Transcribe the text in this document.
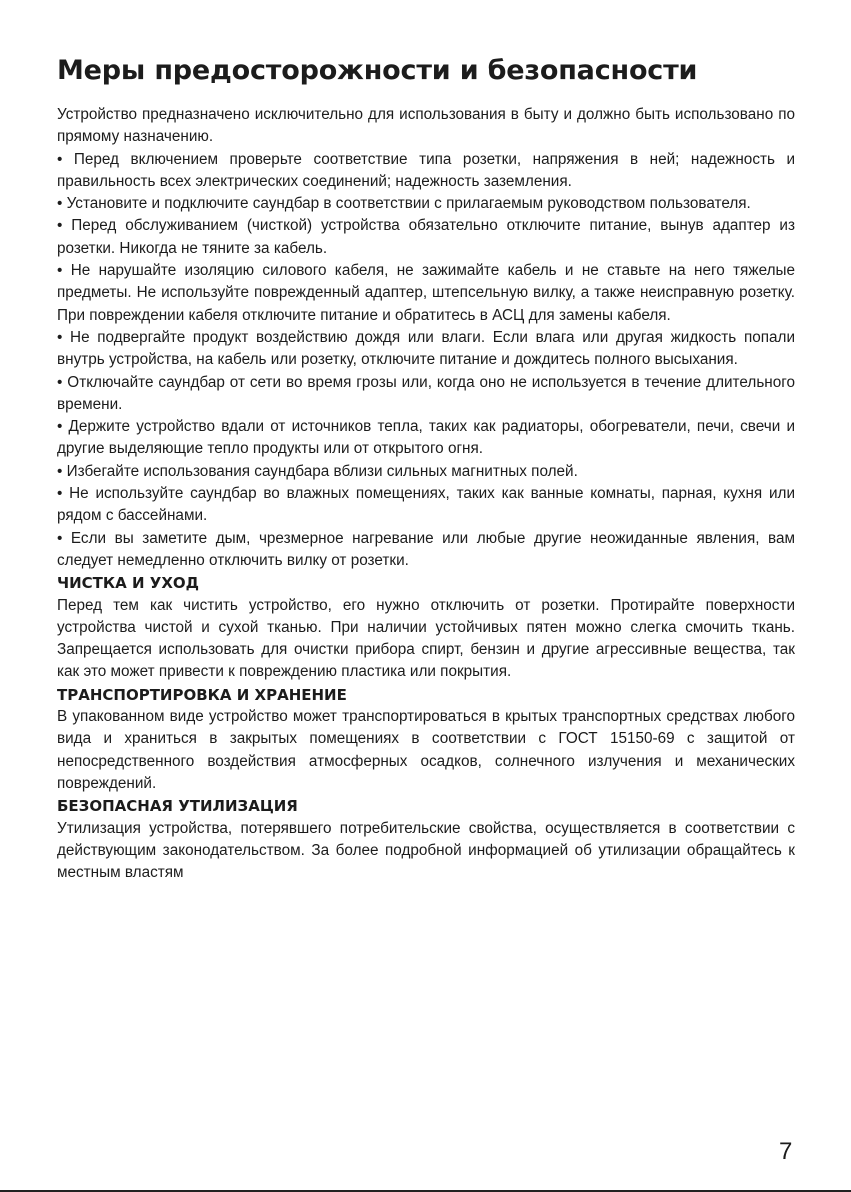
Меры предосторожности и безопасности

Устройство предназначено исключительно для использования в быту и должно быть использовано по прямому назначению.

• Перед включением проверьте соответствие типа розетки, напряжения в ней; надежность и правильность всех электрических соединений; надежность заземления.

• Установите и подключите саундбар в соответствии с прилагаемым руководством пользователя.

• Перед обслуживанием (чисткой) устройства обязательно отключите питание, вынув адаптер из розетки. Никогда не тяните за кабель.

• Не нарушайте изоляцию силового кабеля, не зажимайте кабель и не ставьте на него тяжелые предметы. Не используйте поврежденный адаптер, штепсельную вилку, а также неисправную розетку. При повреждении кабеля отключите питание и обратитесь в АСЦ для замены кабеля.

• Не подвергайте продукт воздействию дождя или влаги. Если влага или другая жидкость попали внутрь устройства, на кабель или розетку, отключите питание и дождитесь полного высыхания.

• Отключайте саундбар от сети во время грозы или, когда оно не используется в течение длительного времени.

• Держите устройство вдали от источников тепла, таких как радиаторы, обогреватели, печи, свечи и другие выделяющие тепло продукты или от открытого огня.

• Избегайте использования саундбара вблизи сильных магнитных полей.

• Не используйте саундбар во влажных помещениях, таких как ванные комнаты, парная, кухня или рядом с бассейнами.

• Если вы заметите дым, чрезмерное нагревание или любые другие неожиданные явления, вам следует немедленно отключить вилку от розетки.

ЧИСТКА И УХОД

Перед тем как чистить устройство, его нужно отключить от розетки. Протирайте поверхности устройства чистой и сухой тканью. При наличии устойчивых пятен можно слегка смочить ткань. Запрещается использовать для очистки прибора спирт, бензин и другие агрессивные вещества, так как это может привести к повреждению пластика или покрытия.

ТРАНСПОРТИРОВКА И ХРАНЕНИЕ

В упакованном виде устройство может транспортироваться в крытых транспортных средствах любого вида и храниться в закрытых помещениях в соответствии с ГОСТ 15150-69 с защитой от непосредственного воздействия атмосферных осадков, солнечного излучения и механических повреждений.

БЕЗОПАСНАЯ УТИЛИЗАЦИЯ

Утилизация устройства, потерявшего потребительские свойства, осуществляется в соответствии с действующим законодательством. За более подробной информацией об утилизации обращайтесь к местным властям

7
